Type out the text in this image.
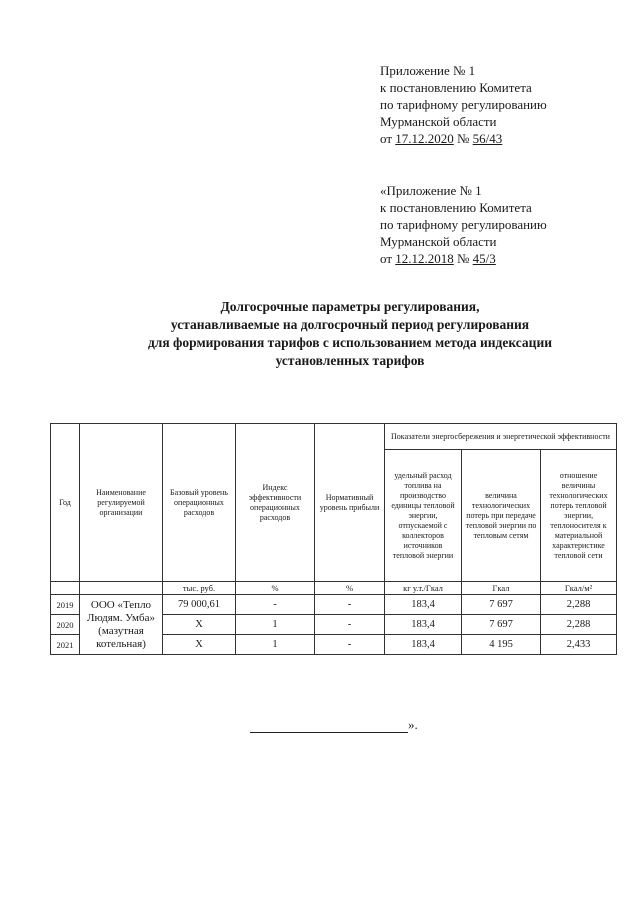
Приложение № 1
к постановлению Комитета
по тарифному регулированию
Мурманской области
от 17.12.2020 № 56/43
«Приложение № 1
к постановлению Комитета
по тарифному регулированию
Мурманской области
от 12.12.2018 № 45/3
Долгосрочные параметры регулирования,
устанавливаемые на долгосрочный период регулирования
для формирования тарифов с использованием метода индексации
установленных тарифов
Год	Наименование регулируемой организации	Базовый уровень операционных расходов	Индекс эффективности операционных расходов	Нормативный уровень прибыли	Показатели энергосбережения и энергетической эффективности		
					удельный расход топлива на производство единицы тепловой энергии, отпускаемой с коллекторов источников тепловой энергии	величина технологических потерь при передаче тепловой энергии по тепловым сетям	отношение величины технологических потерь тепловой энергии, теплоносителя к материальной характеристике тепловой сети
		тыс. руб.	%	%	кг у.т./Гкал	Гкал	Гкал/м²
2019	ООО «Тепло Людям. Умба» (мазутная котельная)	79 000,61	-	-	183,4	7 697	2,288
2020		Х	1	-	183,4	7 697	2,288
2021		Х	1	-	183,4	4 195	2,433
».
